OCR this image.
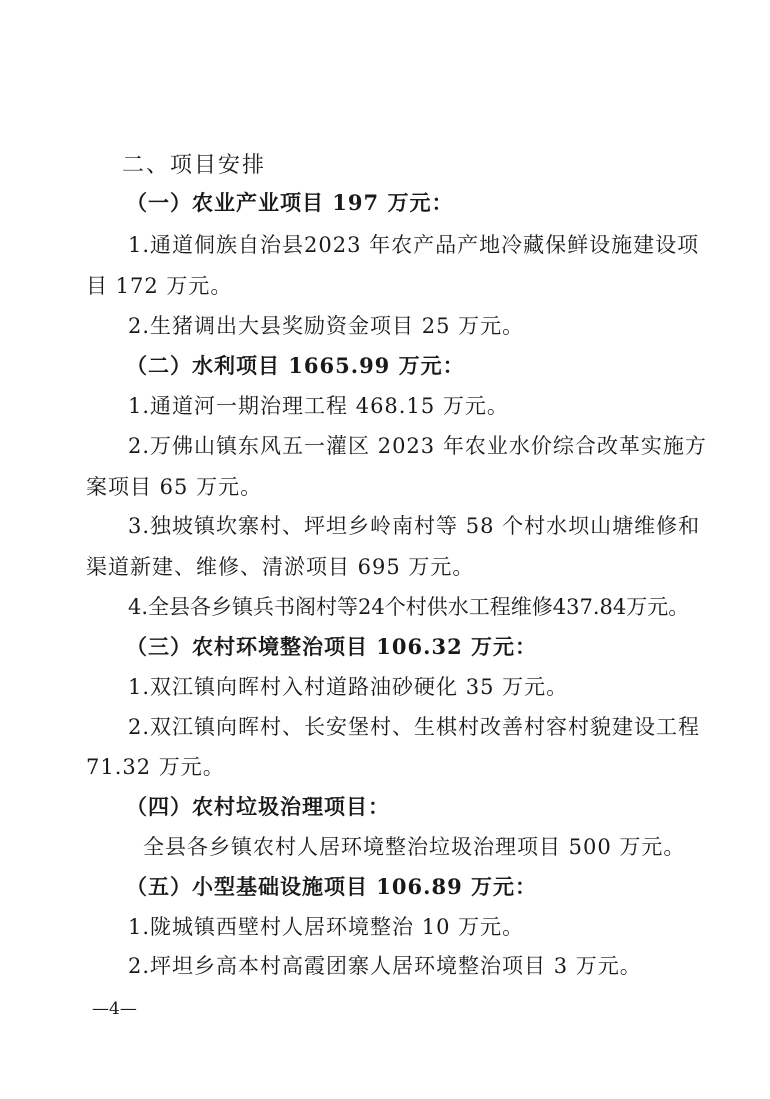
二、项目安排
（一）农业产业项目 197 万元：
1.通道侗族自治县2023 年农产品产地冷藏保鲜设施建设项
目 172 万元。
2.生猪调出大县奖励资金项目 25 万元。
（二）水利项目 1665.99 万元：
1.通道河一期治理工程 468.15 万元。
2.万佛山镇东风五一灌区 2023 年农业水价综合改革实施方
案项目 65 万元。
3.独坡镇坎寨村、坪坦乡岭南村等 58 个村水坝山塘维修和
渠道新建、维修、清淤项目 695 万元。
4.全县各乡镇兵书阁村等24个村供水工程维修437.84万元。
（三）农村环境整治项目 106.32 万元：
1.双江镇向晖村入村道路油砂硬化 35 万元。
2.双江镇向晖村、长安堡村、生棋村改善村容村貌建设工程
71.32 万元。
（四）农村垃圾治理项目：
全县各乡镇农村人居环境整治垃圾治理项目 500 万元。
（五）小型基础设施项目 106.89 万元：
1.陇城镇西壁村人居环境整治 10 万元。
2.坪坦乡高本村高霞团寨人居环境整治项目 3 万元。
—4—
